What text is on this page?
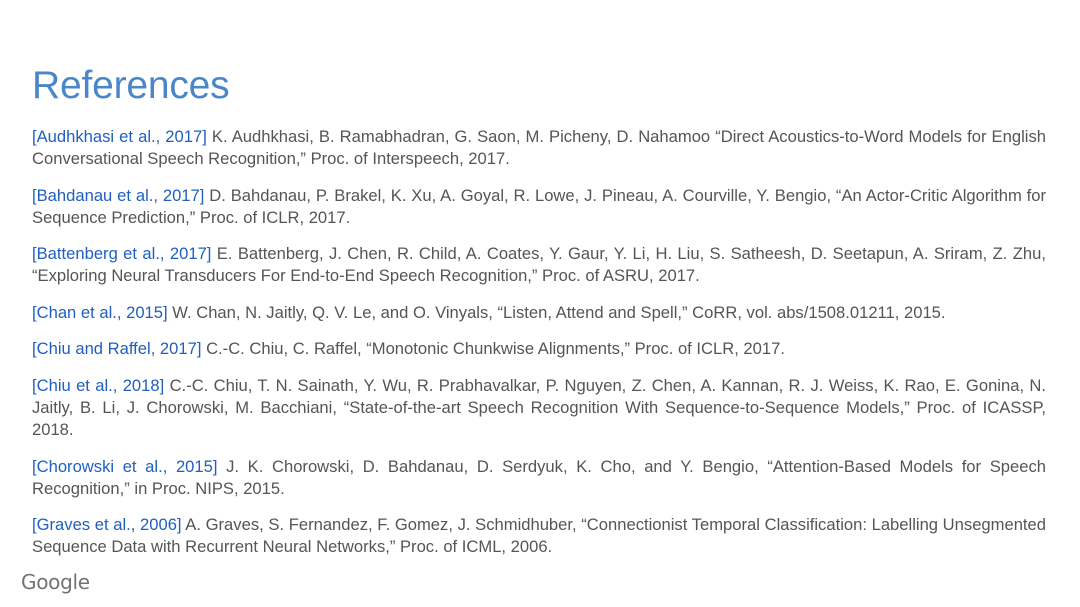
References
[Audhkhasi et al., 2017] K. Audhkhasi, B. Ramabhadran, G. Saon, M. Picheny, D. Nahamoo “Direct Acoustics-to-Word Models for English Conversational Speech Recognition,” Proc. of Interspeech, 2017.
[Bahdanau et al., 2017] D. Bahdanau, P. Brakel, K. Xu, A. Goyal, R. Lowe, J. Pineau, A. Courville, Y. Bengio, “An Actor-Critic Algorithm for Sequence Prediction,” Proc. of ICLR, 2017.
[Battenberg et al., 2017] E. Battenberg, J. Chen, R. Child, A. Coates, Y. Gaur, Y. Li, H. Liu, S. Satheesh, D. Seetapun, A. Sriram, Z. Zhu, “Exploring Neural Transducers For End-to-End Speech Recognition,” Proc. of ASRU, 2017.
[Chan et al., 2015] W. Chan, N. Jaitly, Q. V. Le, and O. Vinyals, “Listen, Attend and Spell,” CoRR, vol. abs/1508.01211, 2015.
[Chiu and Raffel, 2017] C.-C. Chiu, C. Raffel, “Monotonic Chunkwise Alignments,” Proc. of ICLR, 2017.
[Chiu et al., 2018] C.-C. Chiu, T. N. Sainath, Y. Wu, R. Prabhavalkar, P. Nguyen, Z. Chen, A. Kannan, R. J. Weiss, K. Rao, E. Gonina, N. Jaitly, B. Li, J. Chorowski, M. Bacchiani, “State-of-the-art Speech Recognition With Sequence-to-Sequence Models,” Proc. of ICASSP, 2018.
[Chorowski et al., 2015] J. K. Chorowski, D. Bahdanau, D. Serdyuk, K. Cho, and Y. Bengio, “Attention-Based Models for Speech Recognition,” in Proc. NIPS, 2015.
[Graves et al., 2006] A. Graves, S. Fernandez, F. Gomez, J. Schmidhuber, “Connectionist Temporal Classification: Labelling Unsegmented Sequence Data with Recurrent Neural Networks,” Proc. of ICML, 2006.
Google
